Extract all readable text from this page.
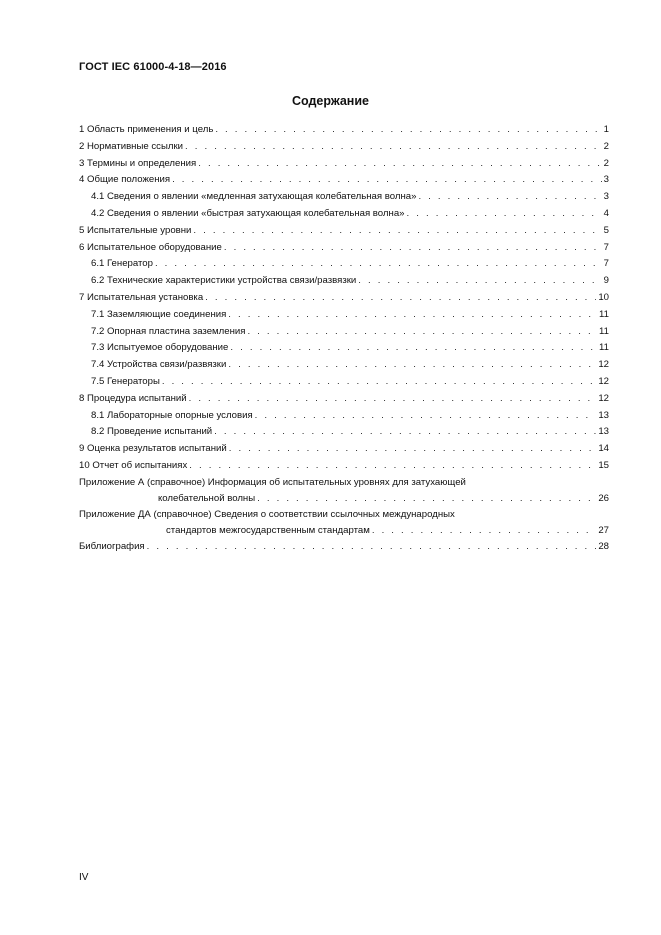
ГОСТ IEC 61000-4-18—2016
Содержание
1 Область применения и цель . . .	1
2 Нормативные ссылки . . .	2
3 Термины и определения . . .	2
4 Общие положения . . .	3
4.1 Сведения о явлении «медленная затухающая колебательная волна» . . .	3
4.2 Сведения о явлении «быстрая затухающая колебательная волна» . . .	4
5 Испытательные уровни . . .	5
6 Испытательное оборудование . . .	7
6.1 Генератор . . .	7
6.2 Технические характеристики устройства связи/развязки . . .	9
7 Испытательная установка . . .	10
7.1 Заземляющие соединения . . .	11
7.2 Опорная пластина заземления . . .	11
7.3 Испытуемое оборудование . . .	11
7.4 Устройства связи/развязки . . .	12
7.5 Генераторы . . .	12
8 Процедура испытаний . . .	12
8.1 Лабораторные опорные условия . . .	13
8.2 Проведение испытаний . . .	13
9 Оценка результатов испытаний . . .	14
10 Отчет об испытаниях . . .	15
Приложение А (справочное) Информация об испытательных уровнях для затухающей
колебательной волны . . .	26
Приложение ДА (справочное) Сведения о соответствии ссылочных международных
стандартов межгосударственным стандартам . . .	27
Библиография . . .	28
IV
